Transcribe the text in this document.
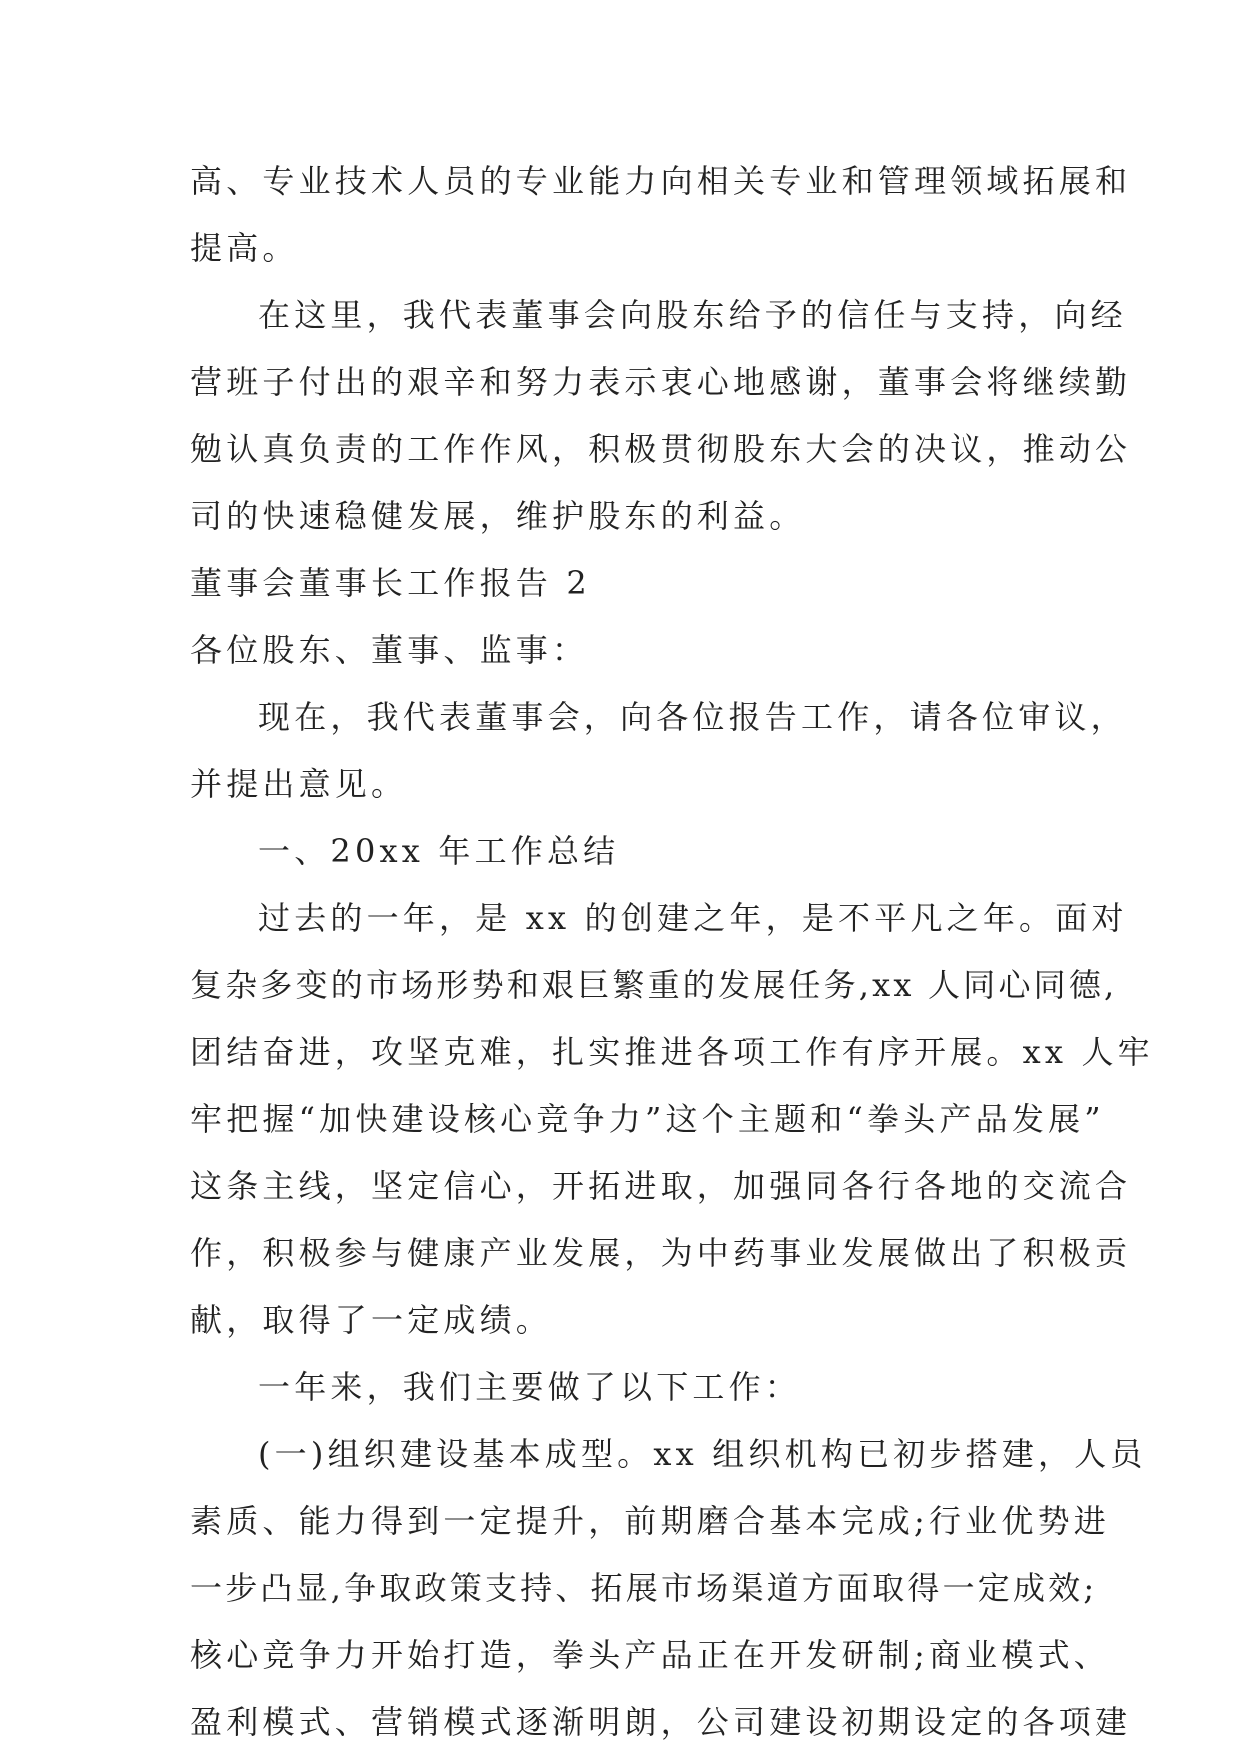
高、专业技术人员的专业能力向相关专业和管理领域拓展和
提高。
在这里，我代表董事会向股东给予的信任与支持，向经
营班子付出的艰辛和努力表示衷心地感谢，董事会将继续勤
勉认真负责的工作作风，积极贯彻股东大会的决议，推动公
司的快速稳健发展，维护股东的利益。
董事会董事长工作报告 2
各位股东、董事、监事：
现在，我代表董事会，向各位报告工作，请各位审议，
并提出意见。
一、20xx 年工作总结
过去的一年，是 xx 的创建之年，是不平凡之年。面对
复杂多变的市场形势和艰巨繁重的发展任务,xx 人同心同德,
团结奋进，攻坚克难，扎实推进各项工作有序开展。xx 人牢
牢把握“加快建设核心竞争力”这个主题和“拳头产品发展”
这条主线，坚定信心，开拓进取，加强同各行各地的交流合
作，积极参与健康产业发展，为中药事业发展做出了积极贡
献，取得了一定成绩。
一年来，我们主要做了以下工作：
(一)组织建设基本成型。xx 组织机构已初步搭建，人员
素质、能力得到一定提升，前期磨合基本完成;行业优势进
一步凸显,争取政策支持、拓展市场渠道方面取得一定成效;
核心竞争力开始打造，拳头产品正在开发研制;商业模式、
盈利模式、营销模式逐渐明朗，公司建设初期设定的各项建
